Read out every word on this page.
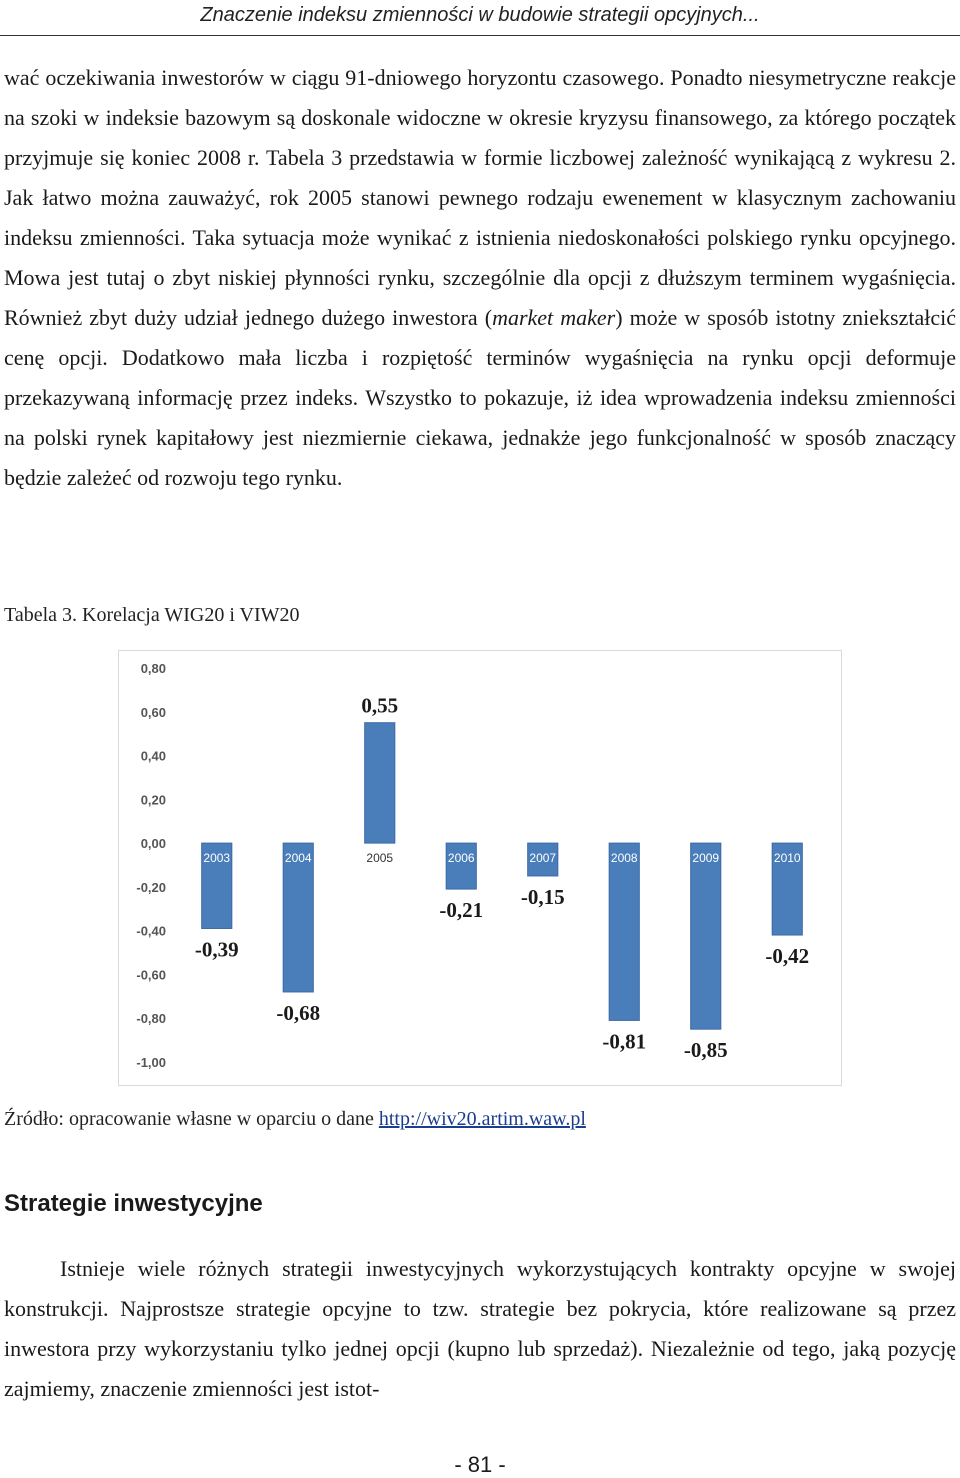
Znaczenie indeksu zmienności w budowie strategii opcyjnych...

wać oczekiwania inwestorów w ciągu 91-dniowego horyzontu czasowego. Ponadto niesymetryczne reakcje na szoki w indeksie bazowym są doskonale widoczne w okresie kryzysu finansowego, za którego początek przyjmuje się koniec 2008 r. Tabela 3 przedstawia w formie liczbowej zależność wynikającą z wykresu 2. Jak łatwo można zauważyć, rok 2005 stanowi pewnego rodzaju ewenement w klasycznym zachowaniu indeksu zmienności. Taka sytuacja może wynikać z istnienia niedoskonałości polskiego rynku opcyjnego. Mowa jest tutaj o zbyt niskiej płynności rynku, szczególnie dla opcji z dłuższym terminem wygaśnięcia. Również zbyt duży udział jednego dużego inwestora (market maker) może w sposób istotny zniekształcić cenę opcji. Dodatkowo mała liczba i rozpiętość terminów wygaśnięcia na rynku opcji deformuje przekazywaną informację przez indeks. Wszystko to pokazuje, iż idea wprowadzenia indeksu zmienności na polski rynek kapitałowy jest niezmiernie ciekawa, jednakże jego funkcjonalność w sposób znaczący będzie zależeć od rozwoju tego rynku.

Tabela 3. Korelacja WIG20 i VIW20
0,80
0,60
0,40
0,20
0,00
-0,20
-0,40
-0,60
-0,80
-1,00
2003
-0,39
2004
-0,68
2005
0,55
2006
-0,21
2007
-0,15
2008
-0,81
2009
-0,85
2010
-0,42
Źródło: opracowanie własne w oparciu o dane http://wiv20.artim.waw.pl
Strategie inwestycyjne

Istnieje wiele różnych strategii inwestycyjnych wykorzystujących kontrakty opcyjne w swojej konstrukcji. Najprostsze strategie opcyjne to tzw. strategie bez pokrycia, które realizowane są przez inwestora przy wykorzystaniu tylko jednej opcji (kupno lub sprzedaż). Niezależnie od tego, jaką pozycję zajmiemy, znaczenie zmienności jest istot-

- 81 -
